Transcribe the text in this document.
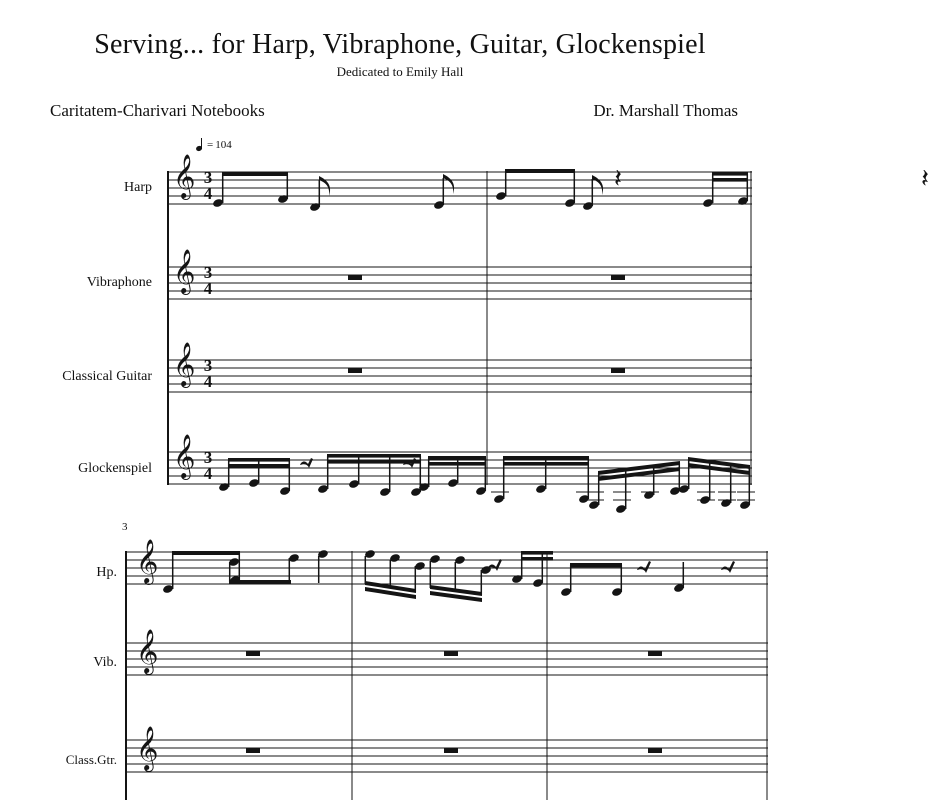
Serving... for Harp, Vibraphone, Guitar, Glockenspiel
Dedicated to Emily Hall
Caritatem-Charivari Notebooks	Dr. Marshall Thomas
= 104
Harp
Vibraphone
Classical Guitar
Glockenspiel
Hp.
Vib.
Class.Gtr.
3
𝄞
𝄞
𝄞
𝄞
3
4
3
4
3
4
3
4
𝄞
𝄞
𝄞
𝄽	𝄽
